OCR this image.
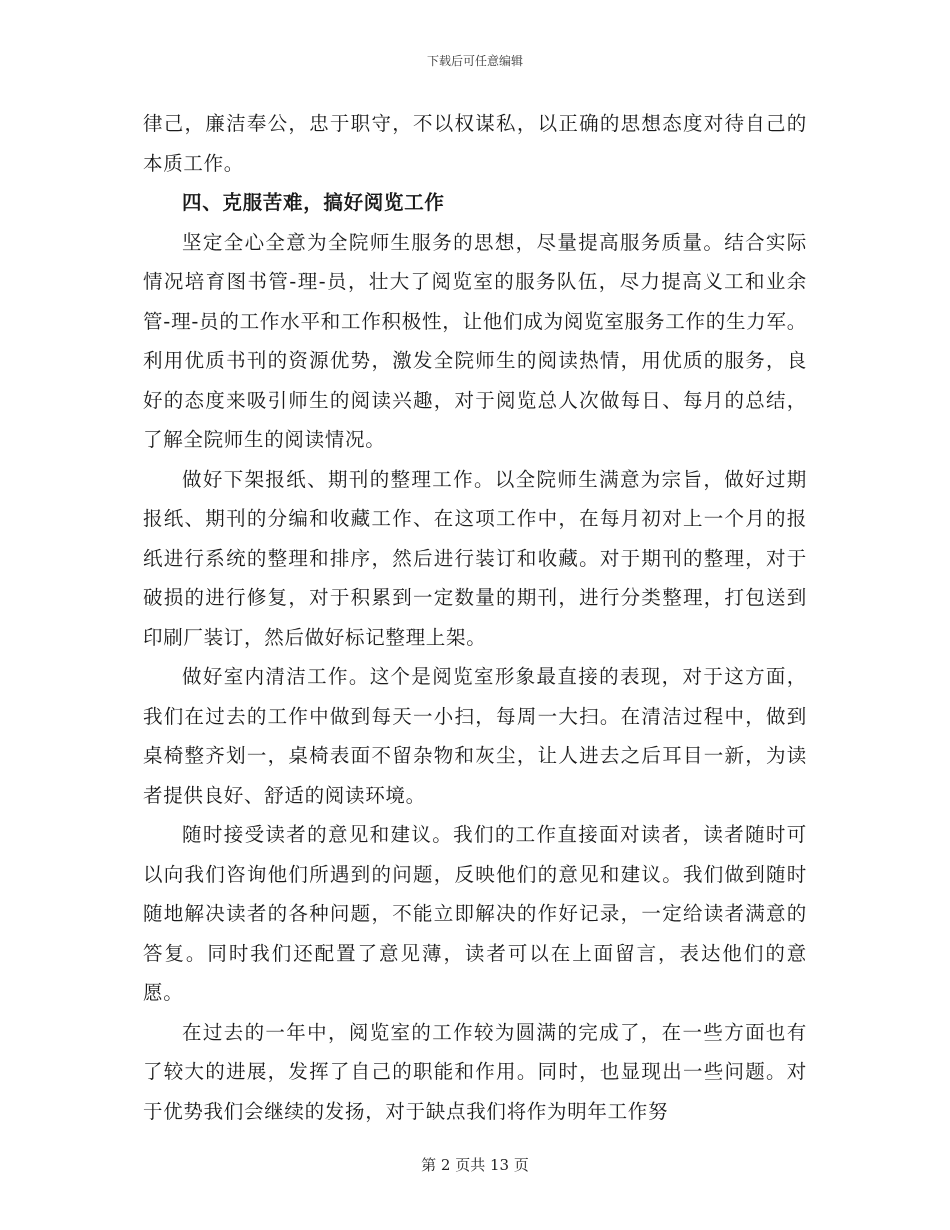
下载后可任意编辑

律己，廉洁奉公，忠于职守，不以权谋私，以正确的思想态度对待自己的本质工作。

四、克服苦难，搞好阅览工作

坚定全心全意为全院师生服务的思想，尽量提高服务质量。结合实际情况培育图书管-理-员，壮大了阅览室的服务队伍，尽力提高义工和业余管-理-员的工作水平和工作积极性，让他们成为阅览室服务工作的生力军。利用优质书刊的资源优势，激发全院师生的阅读热情，用优质的服务，良好的态度来吸引师生的阅读兴趣，对于阅览总人次做每日、每月的总结，了解全院师生的阅读情况。

做好下架报纸、期刊的整理工作。以全院师生满意为宗旨，做好过期报纸、期刊的分编和收藏工作、在这项工作中，在每月初对上一个月的报纸进行系统的整理和排序，然后进行装订和收藏。对于期刊的整理，对于破损的进行修复，对于积累到一定数量的期刊，进行分类整理，打包送到印刷厂装订，然后做好标记整理上架。

做好室内清洁工作。这个是阅览室形象最直接的表现，对于这方面，我们在过去的工作中做到每天一小扫，每周一大扫。在清洁过程中，做到桌椅整齐划一，桌椅表面不留杂物和灰尘，让人进去之后耳目一新，为读者提供良好、舒适的阅读环境。

随时接受读者的意见和建议。我们的工作直接面对读者，读者随时可以向我们咨询他们所遇到的问题，反映他们的意见和建议。我们做到随时随地解决读者的各种问题，不能立即解决的作好记录，一定给读者满意的答复。同时我们还配置了意见薄，读者可以在上面留言，表达他们的意愿。

在过去的一年中，阅览室的工作较为圆满的完成了，在一些方面也有了较大的进展，发挥了自己的职能和作用。同时，也显现出一些问题。对于优势我们会继续的发扬，对于缺点我们将作为明年工作努

第 2 页共 13 页
